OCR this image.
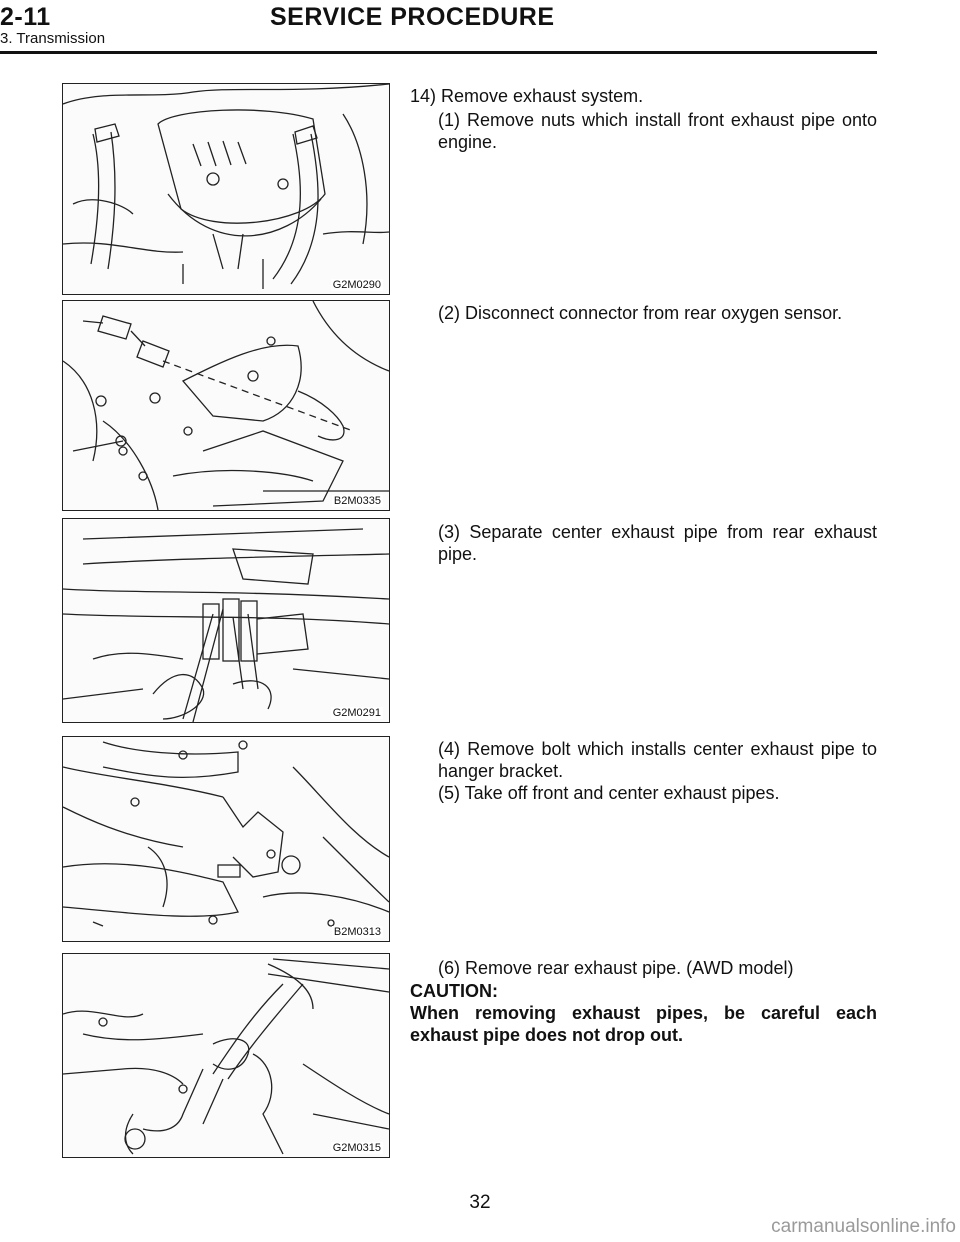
2-11	SERVICE PROCEDURE
3. Transmission
G2M0290
B2M0335
G2M0291
B2M0313
G2M0315
14) Remove exhaust system.
(1) Remove nuts which install front exhaust pipe onto engine.
(2) Disconnect connector from rear oxygen sensor.
(3) Separate center exhaust pipe from rear exhaust pipe.
(4) Remove bolt which installs center exhaust pipe to hanger bracket.
(5) Take off front and center exhaust pipes.
(6) Remove rear exhaust pipe. (AWD model)
CAUTION:
When removing exhaust pipes, be careful each exhaust pipe does not drop out.
32
carmanualsonline.info
